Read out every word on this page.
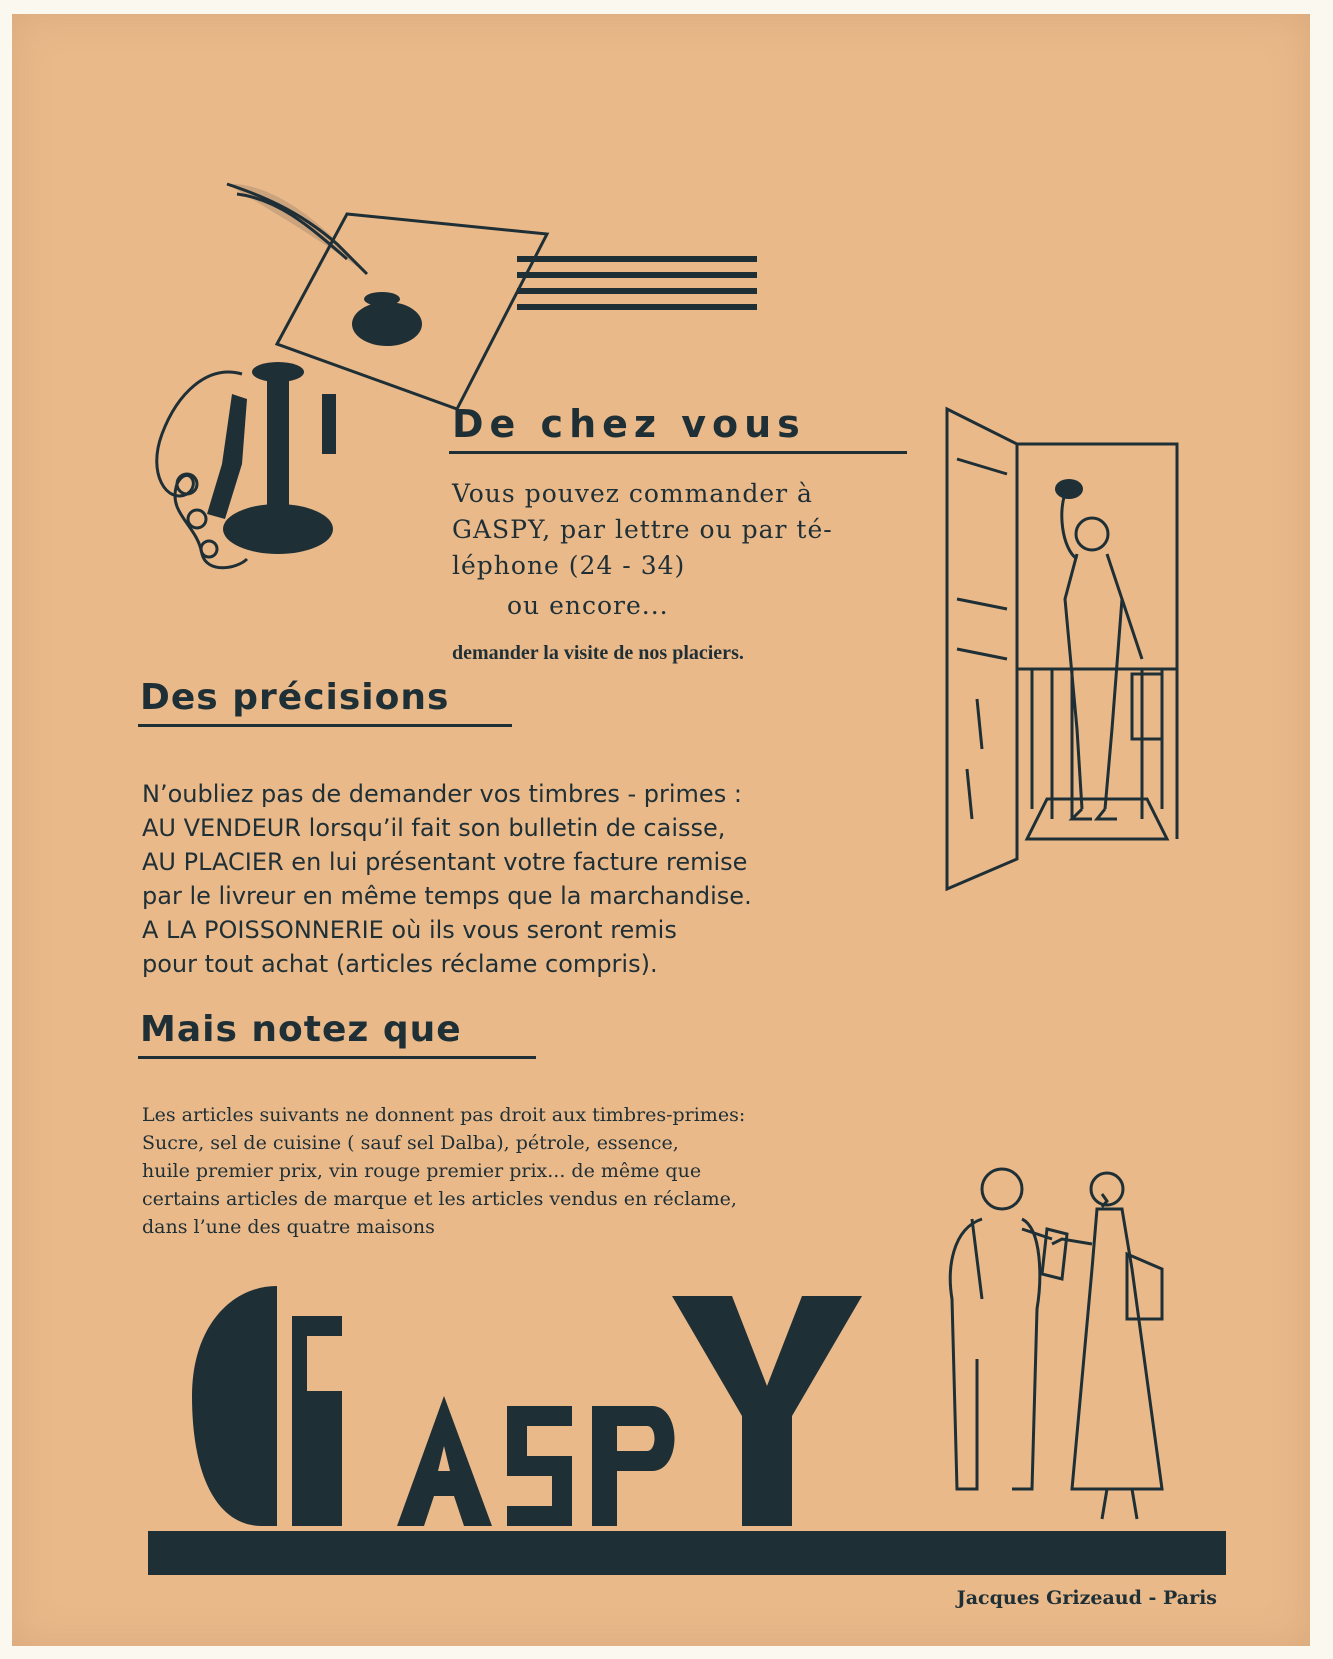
De chez vous
Vous pouvez commander à
GASPY, par lettre ou par té-
léphone (24 - 34)
ou encore...
demander la visite de nos placiers.
Des précisions
N’oubliez pas de demander vos timbres - primes :
AU VENDEUR lorsqu’il fait son bulletin de caisse,
AU PLACIER en lui présentant votre facture remise
par le livreur en même temps que la marchandise.
A LA POISSONNERIE où ils vous seront remis
pour tout achat (articles réclame compris).
Mais notez que
Les articles suivants ne donnent pas droit aux timbres-primes:
Sucre, sel de cuisine ( sauf sel Dalba), pétrole, essence,
huile premier prix, vin rouge premier prix... de même que
certains articles de marque et les articles vendus en réclame,
dans l’une des quatre maisons
Jacques Grizeaud - Paris
